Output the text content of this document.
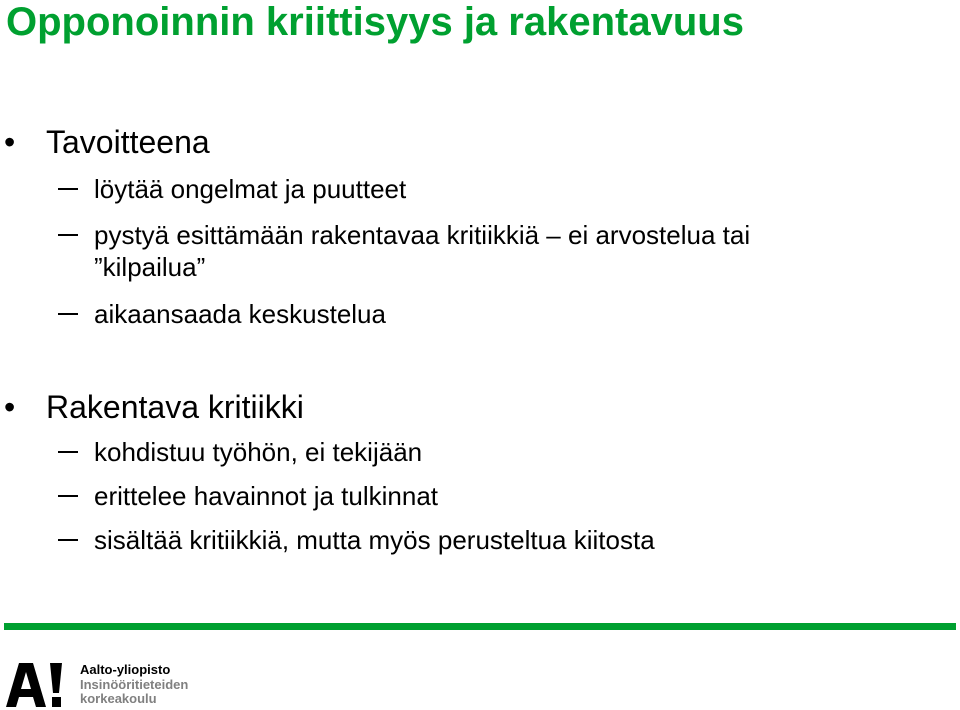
Opponoinnin kriittisyys ja rakentavuus
• Tavoitteena
löytää ongelmat ja puutteet
pystyä esittämään rakentavaa kritiikkiä – ei arvostelua tai
”kilpailua”
aikaansaada keskustelua
• Rakentava kritiikki
kohdistuu työhön, ei tekijään
erittelee havainnot ja tulkinnat
sisältää kritiikkiä, mutta myös perusteltua kiitosta
Aalto-yliopisto
Insinööritieteiden
korkeakoulu
